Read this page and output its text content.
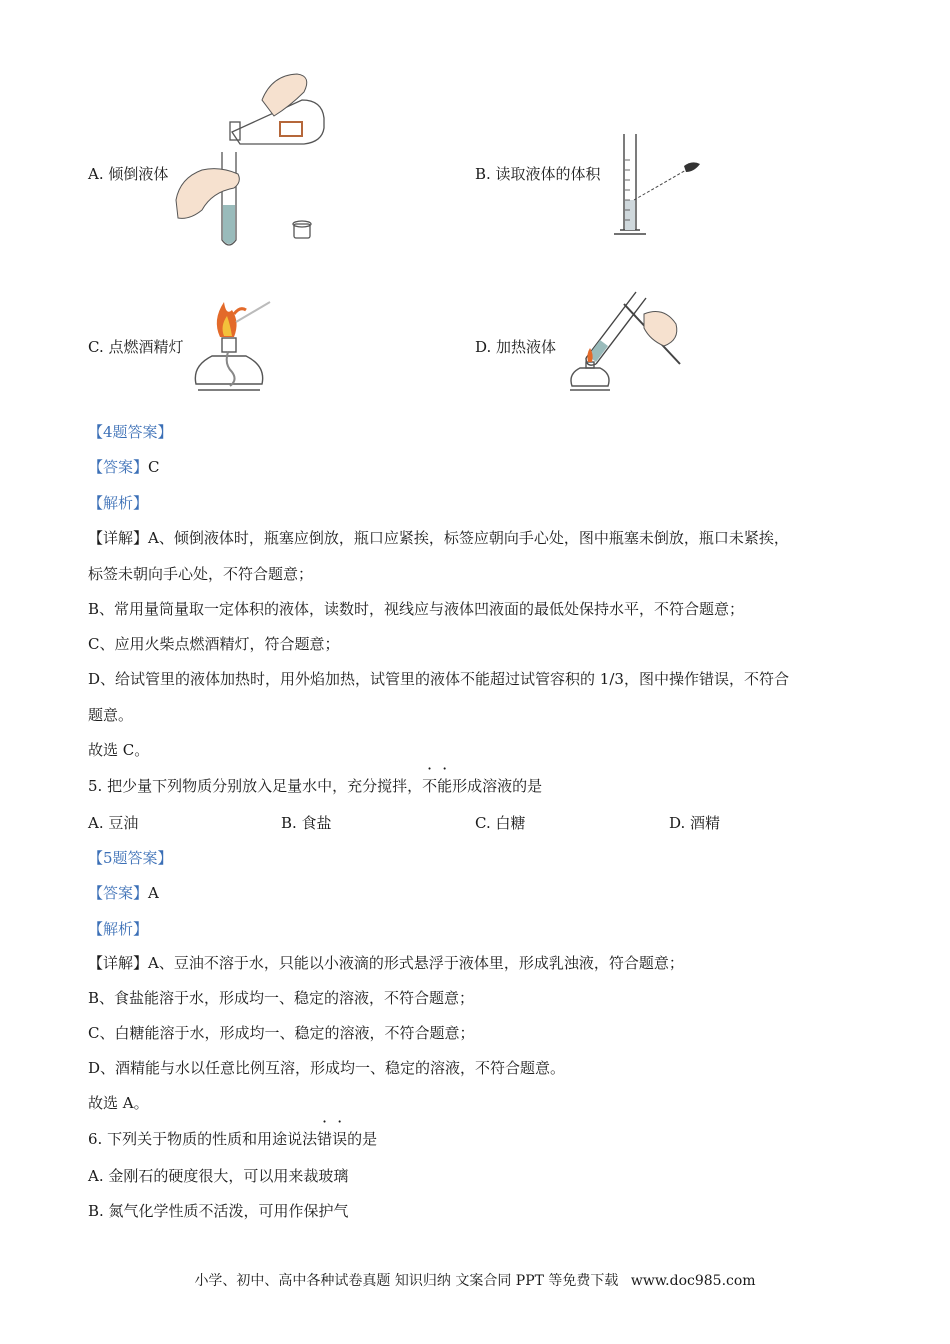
A. 倾倒液体	B. 读取液体的体积
C. 点燃酒精灯	D. 加热液体
【4题答案】
【答案】C
【解析】
【详解】A、倾倒液体时，瓶塞应倒放，瓶口应紧挨，标签应朝向手心处，图中瓶塞未倒放，瓶口未紧挨，
标签未朝向手心处，不符合题意；
B、常用量筒量取一定体积的液体，读数时，视线应与液体凹液面的最低处保持水平，不符合题意；
C、应用火柴点燃酒精灯，符合题意；
D、给试管里的液体加热时，用外焰加热，试管里的液体不能超过试管容积的 1/3，图中操作错误，不符合
题意。
故选 C。
5. 把少量下列物质分别放入足量水中，充分搅拌，不能形成溶液的是
A. 豆油	B. 食盐	C. 白糖	D. 酒精
【5题答案】
【答案】A
【解析】
【详解】A、豆油不溶于水，只能以小液滴的形式悬浮于液体里，形成乳浊液，符合题意；
B、食盐能溶于水，形成均一、稳定的溶液，不符合题意；
C、白糖能溶于水，形成均一、稳定的溶液，不符合题意；
D、酒精能与水以任意比例互溶，形成均一、稳定的溶液，不符合题意。
故选 A。
6. 下列关于物质的性质和用途说法错误的是
A. 金刚石的硬度很大，可以用来裁玻璃
B. 氮气化学性质不活泼，可用作保护气
小学、初中、高中各种试卷真题 知识归纳 文案合同 PPT 等免费下载 www.doc985.com
